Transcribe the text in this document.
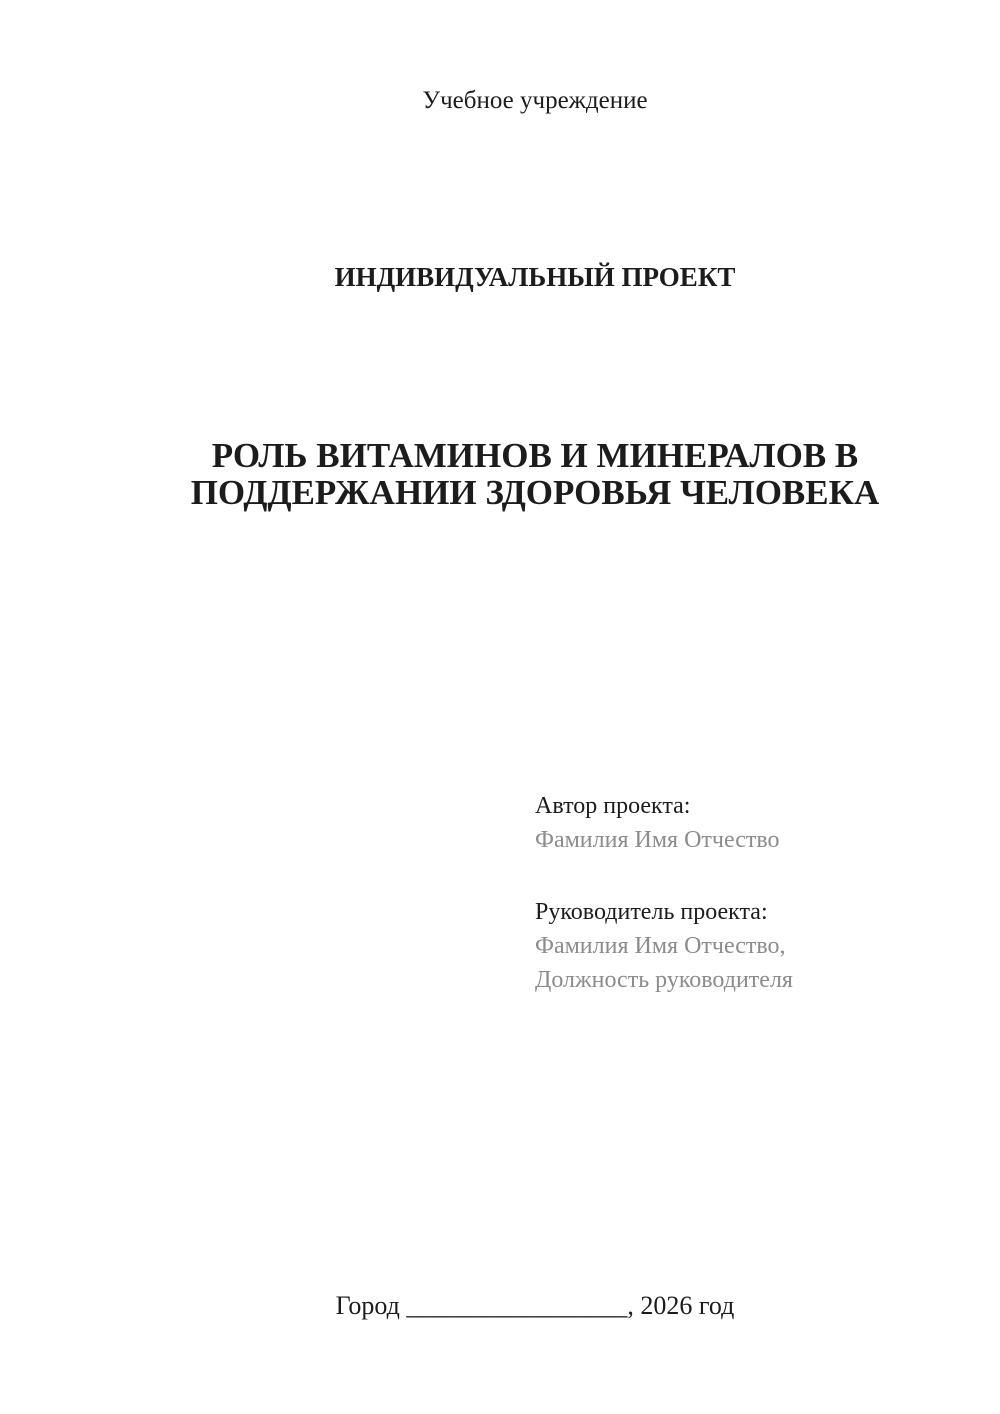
Учебное учреждение
ИНДИВИДУАЛЬНЫЙ ПРОЕКТ
РОЛЬ ВИТАМИНОВ И МИНЕРАЛОВ В ПОДДЕРЖАНИИ ЗДОРОВЬЯ ЧЕЛОВЕКА
Автор проекта:
Фамилия Имя Отчество
Руководитель проекта:
Фамилия Имя Отчество,
Должность руководителя
Город _________________, 2026 год
